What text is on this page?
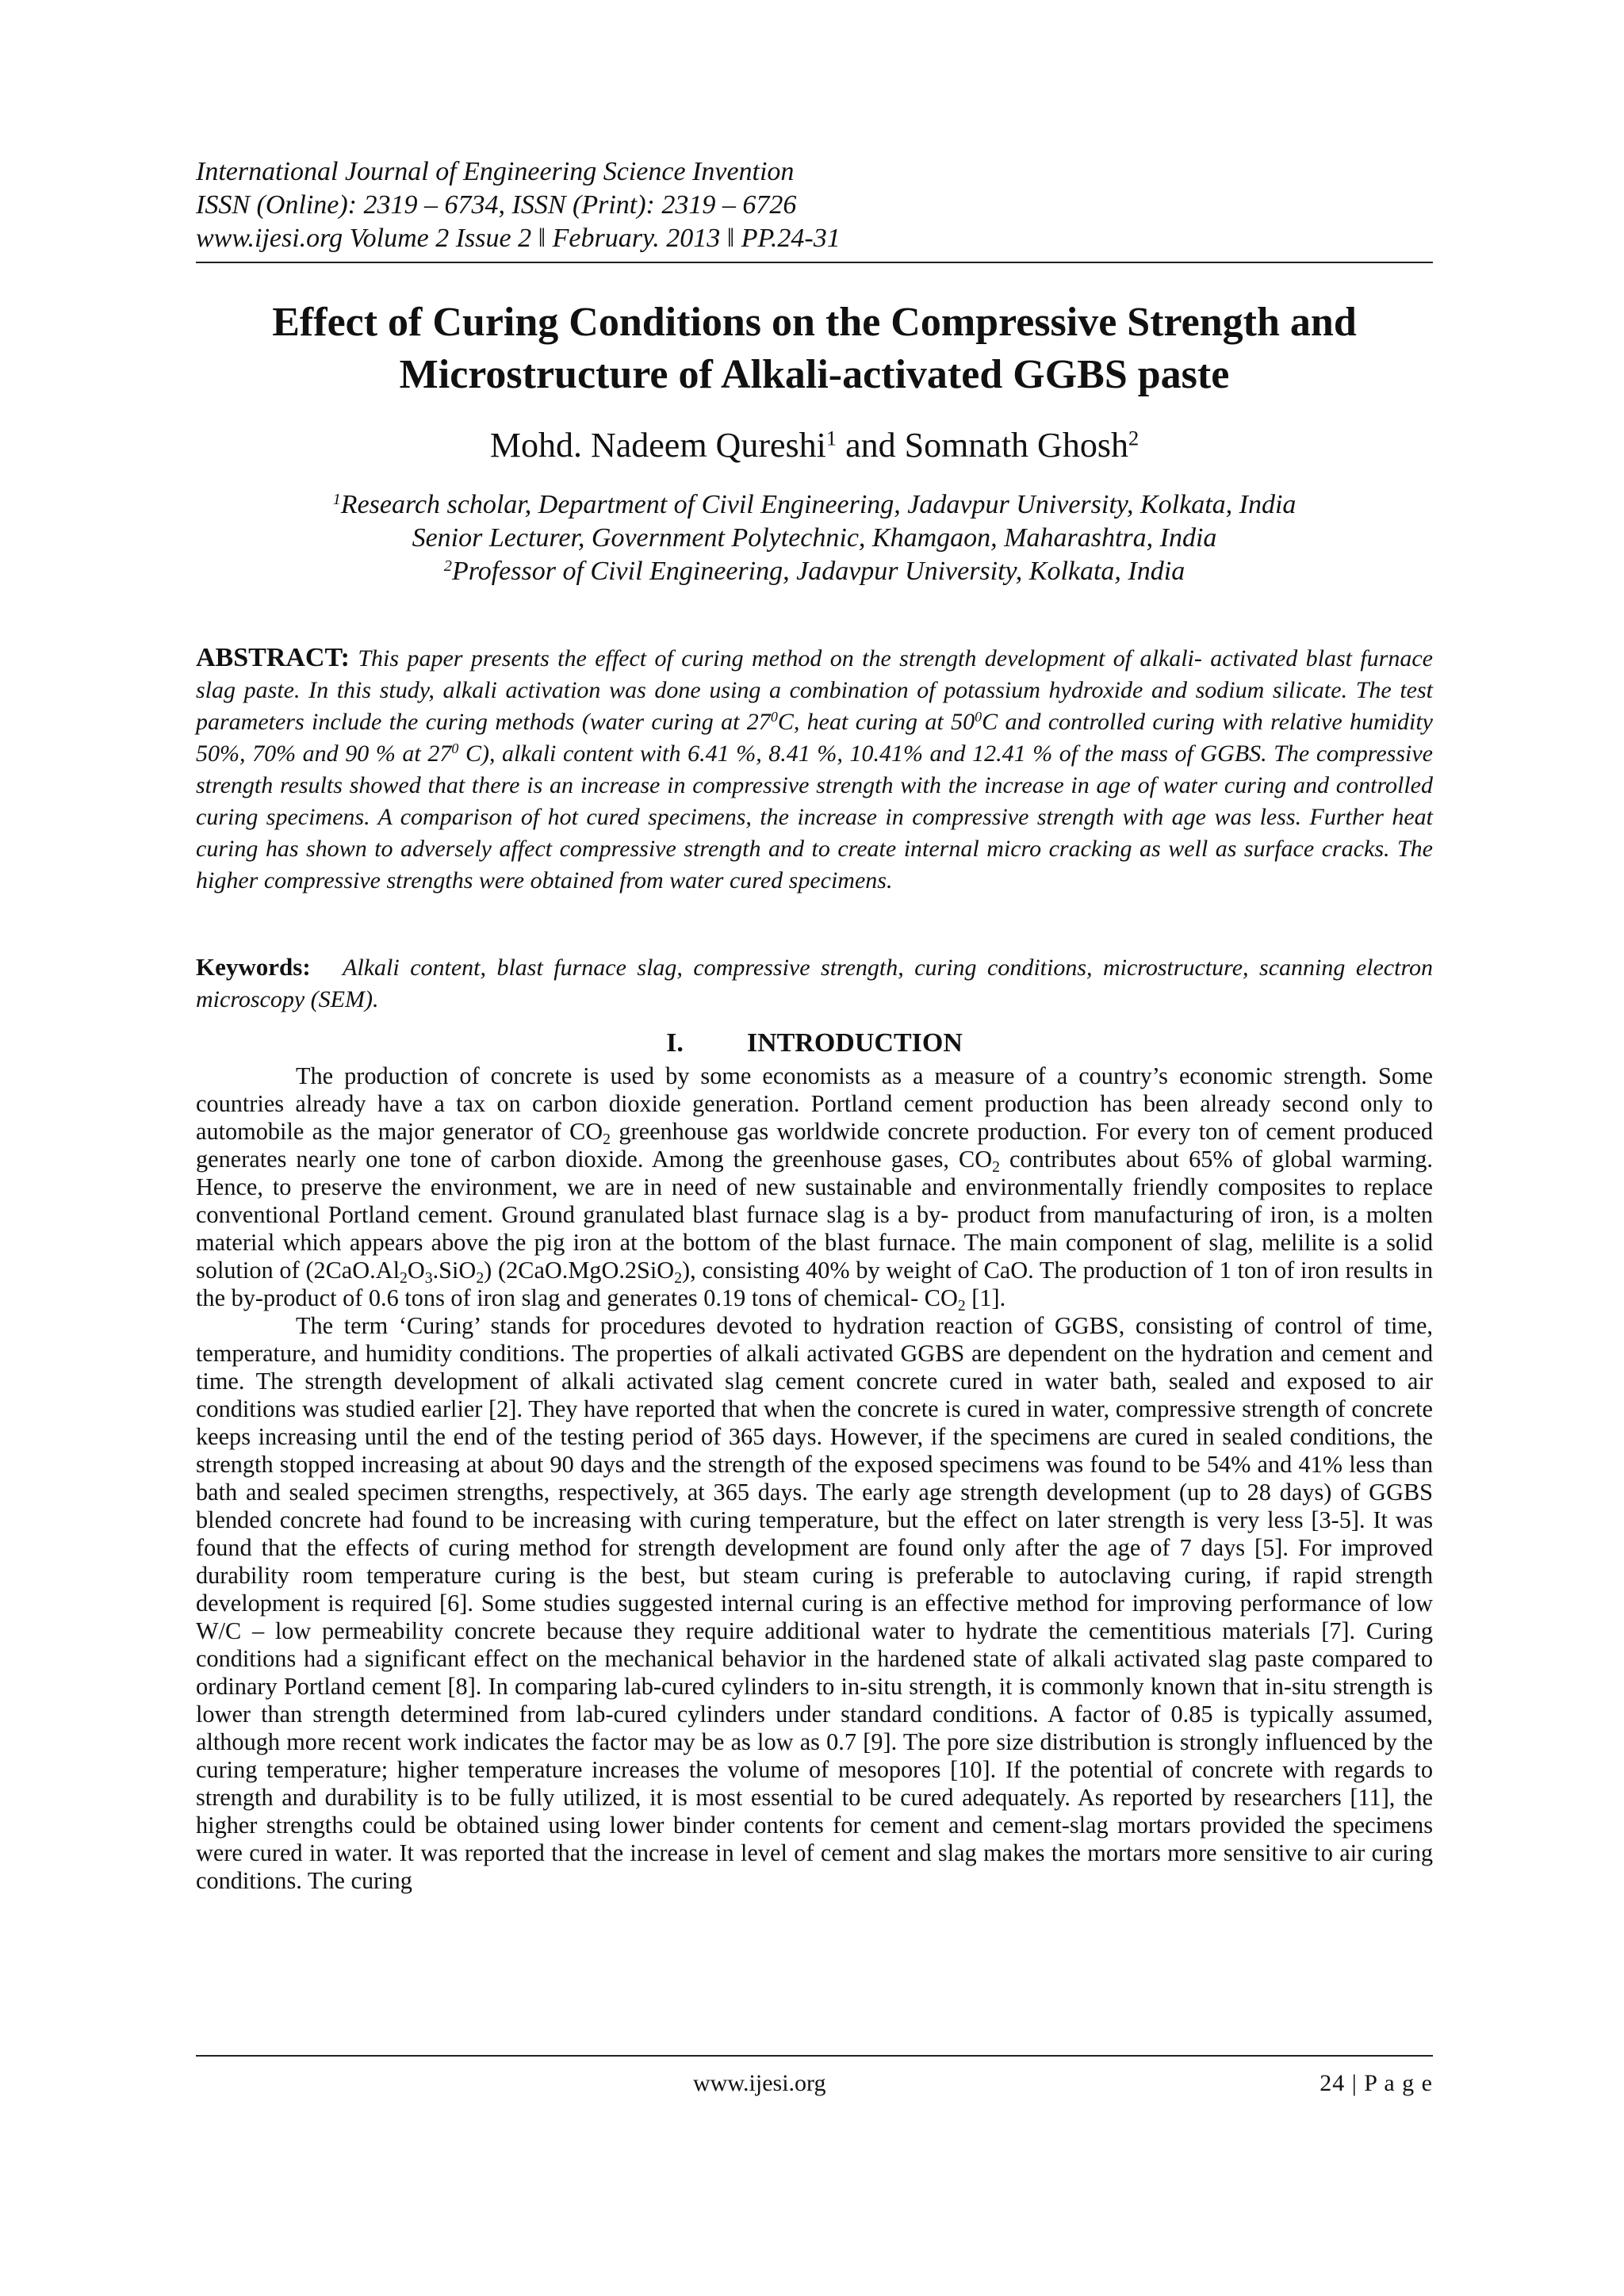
International Journal of Engineering Science Invention
ISSN (Online): 2319 – 6734, ISSN (Print): 2319 – 6726
www.ijesi.org Volume 2 Issue 2 ǁ February. 2013 ǁ PP.24-31
Effect of Curing Conditions on the Compressive Strength and
Microstructure of Alkali-activated GGBS paste
Mohd. Nadeem Qureshi$^1$ and Somnath Ghosh$^2$
$^1$Research scholar, Department of Civil Engineering, Jadavpur University, Kolkata, India
Senior Lecturer, Government Polytechnic, Khamgaon, Maharashtra, India
$^2$Professor of Civil Engineering, Jadavpur University, Kolkata, India
ABSTRACT: This paper presents the effect of curing method on the strength development of alkali- activated blast furnace slag paste. In this study, alkali activation was done using a combination of potassium hydroxide and sodium silicate. The test parameters include the curing methods (water curing at $27^0C$, heat curing at $50^0C$ and controlled curing with relative humidity 50%, 70% and 90 % at $27^0$ C), alkali content with 6.41 %, 8.41 %, 10.41% and 12.41 % of the mass of GGBS. The compressive strength results showed that there is an increase in compressive strength with the increase in age of water curing and controlled curing specimens. A comparison of hot cured specimens, the increase in compressive strength with age was less. Further heat curing has shown to adversely affect compressive strength and to create internal micro cracking as well as surface cracks. The higher compressive strengths were obtained from water cured specimens.
Keywords: Alkali content, blast furnace slag, compressive strength, curing conditions, microstructure, scanning electron microscopy (SEM).
I. INTRODUCTION

The production of concrete is used by some economists as a measure of a country’s economic strength. Some countries already have a tax on carbon dioxide generation. Portland cement production has been already second only to automobile as the major generator of $CO_2$ greenhouse gas worldwide concrete production. For every ton of cement produced generates nearly one tone of carbon dioxide. Among the greenhouse gases, $CO_2$ contributes about 65% of global warming. Hence, to preserve the environment, we are in need of new sustainable and environmentally friendly composites to replace conventional Portland cement. Ground granulated blast furnace slag is a by- product from manufacturing of iron, is a molten material which appears above the pig iron at the bottom of the blast furnace. The main component of slag, melilite is a solid solution of $(2CaO.Al_2O_3.SiO_2)$ (2CaO.MgO.2SiO$_2$), consisting 40% by weight of CaO. The production of 1 ton of iron results in the by-product of 0.6 tons of iron slag and generates 0.19 tons of chemical- $CO_2$ [1].

The term ‘Curing’ stands for procedures devoted to hydration reaction of GGBS, consisting of control of time, temperature, and humidity conditions. The properties of alkali activated GGBS are dependent on the hydration and cement and time. The strength development of alkali activated slag cement concrete cured in water bath, sealed and exposed to air conditions was studied earlier [2]. They have reported that when the concrete is cured in water, compressive strength of concrete keeps increasing until the end of the testing period of 365 days. However, if the specimens are cured in sealed conditions, the strength stopped increasing at about 90 days and the strength of the exposed specimens was found to be 54% and 41% less than bath and sealed specimen strengths, respectively, at 365 days. The early age strength development (up to 28 days) of GGBS blended concrete had found to be increasing with curing temperature, but the effect on later strength is very less [3-5]. It was found that the effects of curing method for strength development are found only after the age of 7 days [5]. For improved durability room temperature curing is the best, but steam curing is preferable to autoclaving curing, if rapid strength development is required [6]. Some studies suggested internal curing is an effective method for improving performance of low W/C – low permeability concrete because they require additional water to hydrate the cementitious materials [7]. Curing conditions had a significant effect on the mechanical behavior in the hardened state of alkali activated slag paste compared to ordinary Portland cement [8]. In comparing lab-cured cylinders to in-situ strength, it is commonly known that in-situ strength is lower than strength determined from lab-cured cylinders under standard conditions. A factor of 0.85 is typically assumed, although more recent work indicates the factor may be as low as 0.7 [9]. The pore size distribution is strongly influenced by the curing temperature; higher temperature increases the volume of mesopores [10]. If the potential of concrete with regards to strength and durability is to be fully utilized, it is most essential to be cured adequately. As reported by researchers [11], the higher strengths could be obtained using lower binder contents for cement and cement-slag mortars provided the specimens were cured in water. It was reported that the increase in level of cement and slag makes the mortars more sensitive to air curing conditions. The curing

www.ijesi.org	24 | P a g e
